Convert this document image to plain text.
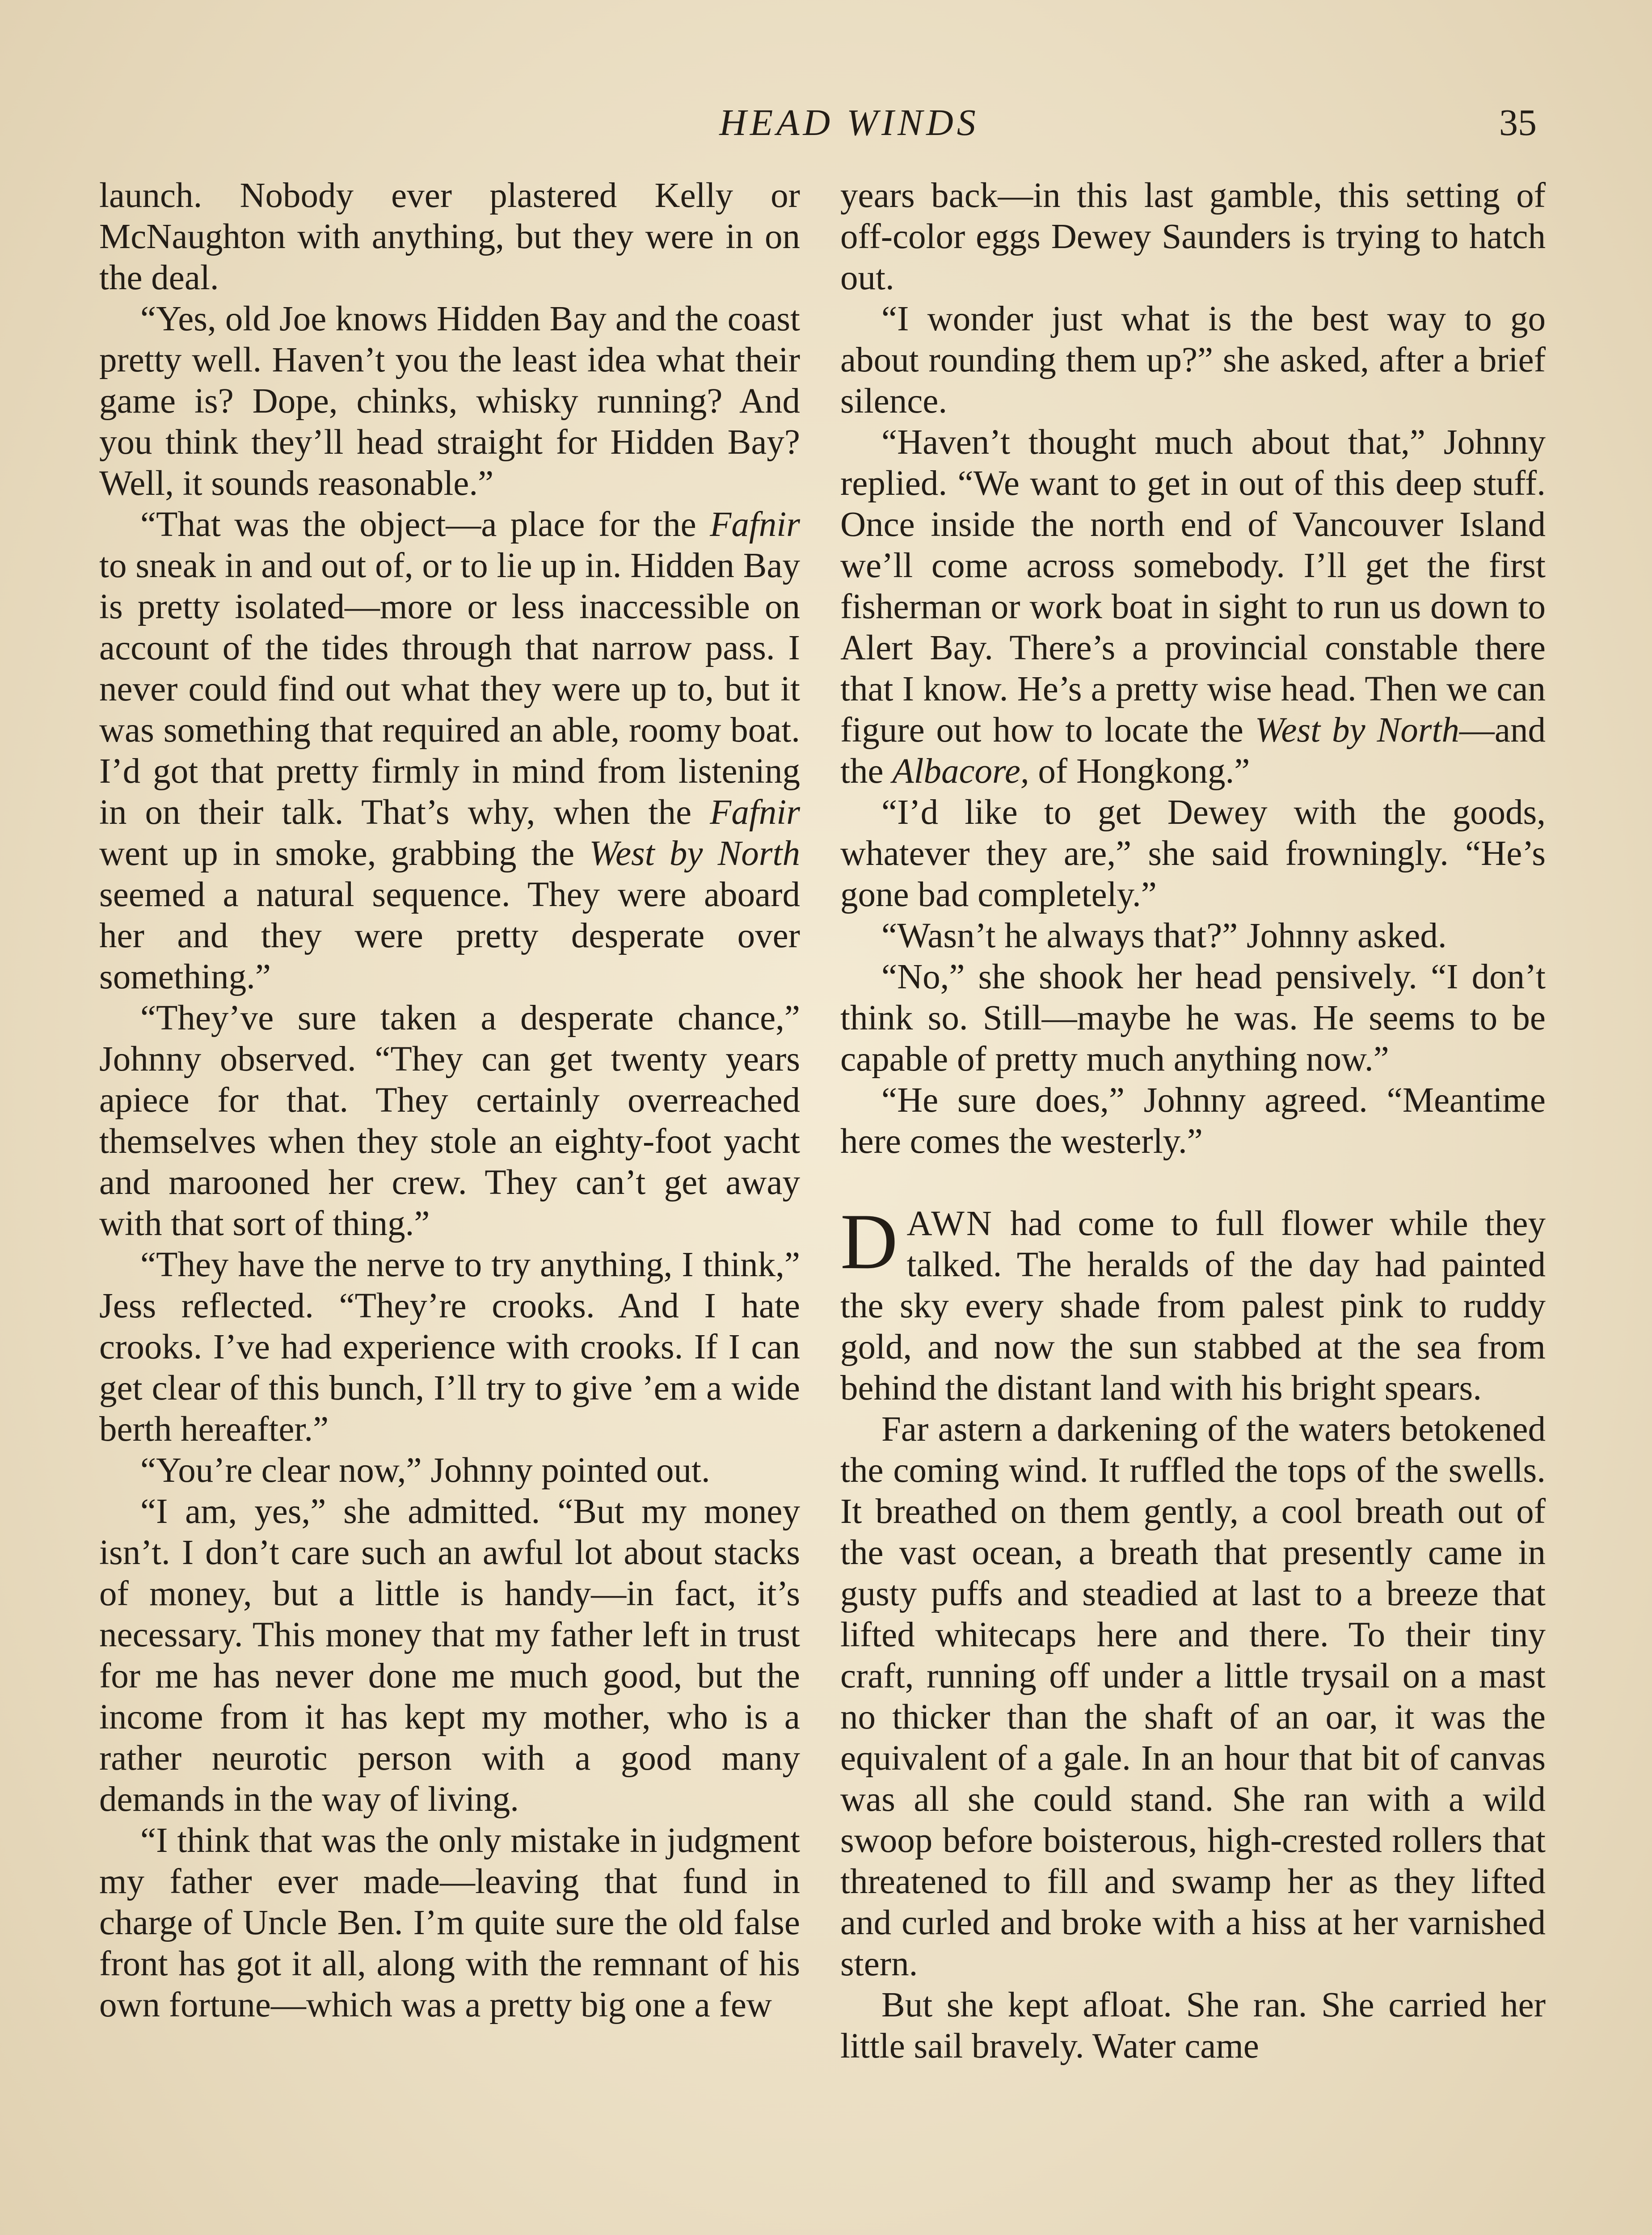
HEAD WINDS	35

launch. Nobody ever plastered Kelly or McNaughton with anything, but they were in on the deal.

“Yes, old Joe knows Hidden Bay and the coast pretty well. Haven’t you the least idea what their game is? Dope, chinks, whisky running? And you think they’ll head straight for Hidden Bay? Well, it sounds reasonable.”

“That was the object—a place for the Fafnir to sneak in and out of, or to lie up in. Hidden Bay is pretty isolated—more or less inaccessible on account of the tides through that narrow pass. I never could find out what they were up to, but it was something that required an able, roomy boat. I’d got that pretty firmly in mind from listening in on their talk. That’s why, when the Fafnir went up in smoke, grabbing the West by North seemed a natural sequence. They were aboard her and they were pretty desperate over something.”

“They’ve sure taken a desperate chance,” Johnny observed. “They can get twenty years apiece for that. They certainly overreached themselves when they stole an eighty-foot yacht and marooned her crew. They can’t get away with that sort of thing.”

“They have the nerve to try anything, I think,” Jess reflected. “They’re crooks. And I hate crooks. I’ve had experience with crooks. If I can get clear of this bunch, I’ll try to give ’em a wide berth hereafter.”

“You’re clear now,” Johnny pointed out.

“I am, yes,” she admitted. “But my money isn’t. I don’t care such an awful lot about stacks of money, but a little is handy—in fact, it’s necessary. This money that my father left in trust for me has never done me much good, but the income from it has kept my mother, who is a rather neurotic person with a good many demands in the way of living.

“I think that was the only mistake in judgment my father ever made—leaving that fund in charge of Uncle Ben. I’m quite sure the old false front has got it all, along with the remnant of his own fortune—which was a pretty big one a few

years back—in this last gamble, this setting of off-color eggs Dewey Saunders is trying to hatch out.

“I wonder just what is the best way to go about rounding them up?” she asked, after a brief silence.

“Haven’t thought much about that,” Johnny replied. “We want to get in out of this deep stuff. Once inside the north end of Vancouver Island we’ll come across somebody. I’ll get the first fisherman or work boat in sight to run us down to Alert Bay. There’s a provincial constable there that I know. He’s a pretty wise head. Then we can figure out how to locate the West by North—and the Albacore, of Hongkong.”

“I’d like to get Dewey with the goods, whatever they are,” she said frowningly. “He’s gone bad completely.”

“Wasn’t he always that?” Johnny asked.

“No,” she shook her head pensively. “I don’t think so. Still—maybe he was. He seems to be capable of pretty much anything now.”

“He sure does,” Johnny agreed. “Meantime here comes the westerly.”

DAWN had come to full flower while they talked. The heralds of the day had painted the sky every shade from palest pink to ruddy gold, and now the sun stabbed at the sea from behind the distant land with his bright spears.

Far astern a darkening of the waters betokened the coming wind. It ruffled the tops of the swells. It breathed on them gently, a cool breath out of the vast ocean, a breath that presently came in gusty puffs and steadied at last to a breeze that lifted whitecaps here and there. To their tiny craft, running off under a little trysail on a mast no thicker than the shaft of an oar, it was the equivalent of a gale. In an hour that bit of canvas was all she could stand. She ran with a wild swoop before boisterous, high-crested rollers that threatened to fill and swamp her as they lifted and curled and broke with a hiss at her varnished stern.

But she kept afloat. She ran. She carried her little sail bravely. Water came
